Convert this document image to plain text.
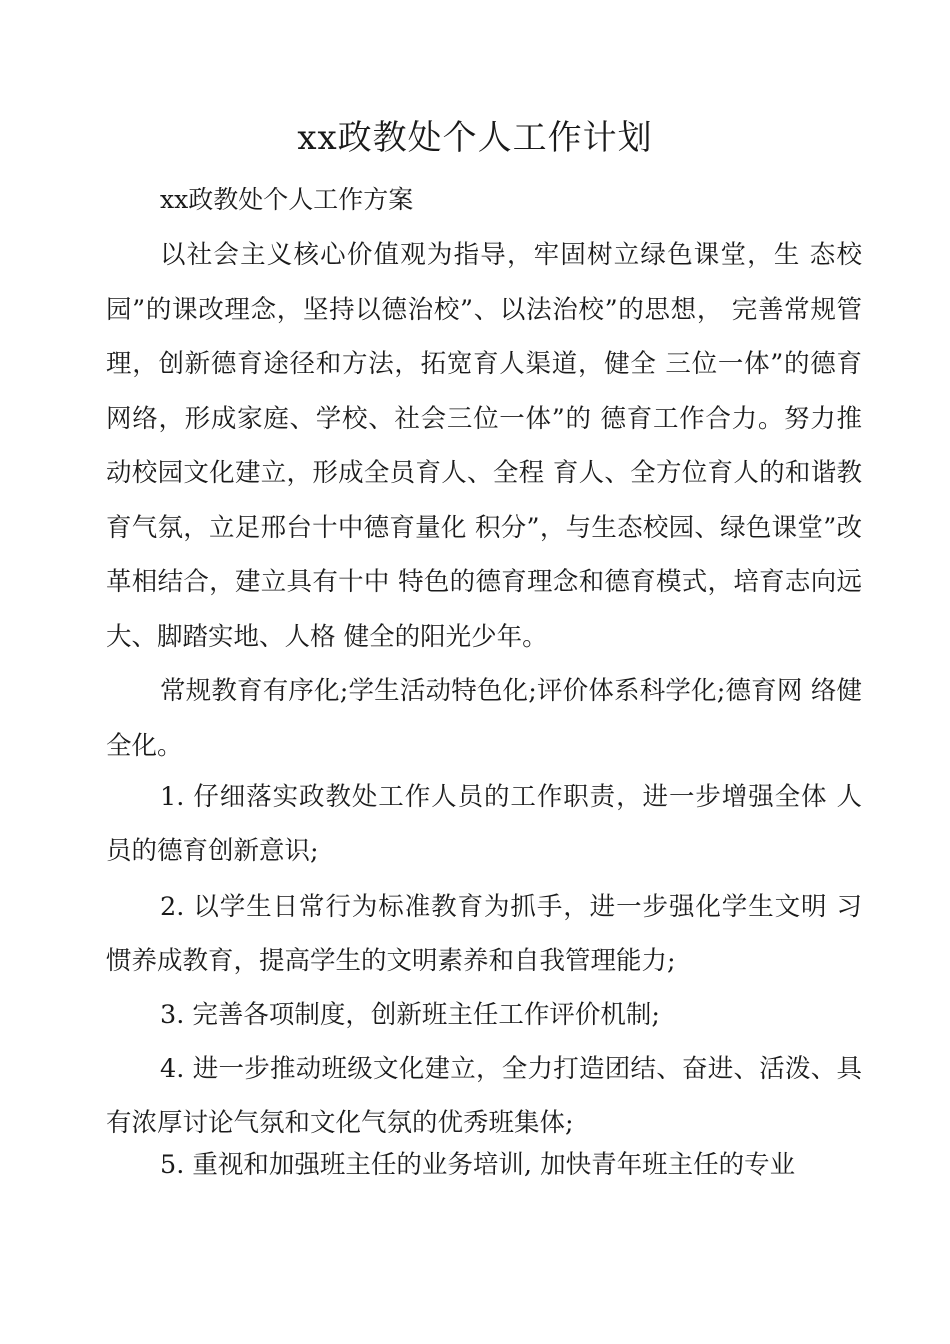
xx政教处个人工作计划
xx政教处个人工作方案
以社会主义核心价值观为指导，牢固树立绿色课堂，生 态校园”的课改理念，坚持以德治校”、以法治校”的思想， 完善常规管理，创新德育途径和方法，拓宽育人渠道，健全 三位一体”的德育网络，形成家庭、学校、社会三位一体”的 德育工作合力。努力推动校园文化建立，形成全员育人、全程 育人、全方位育人的和谐教育气氛，立足邢台十中德育量化 积分”，与生态校园、绿色课堂”改革相结合，建立具有十中 特色的德育理念和德育模式，培育志向远大、脚踏实地、人格 健全的阳光少年。
常规教育有序化;学生活动特色化;评价体系科学化;德育网 络健全化。
1. 仔细落实政教处工作人员的工作职责，进一步增强全体 人员的德育创新意识;
2. 以学生日常行为标准教育为抓手，进一步强化学生文明 习惯养成教育，提高学生的文明素养和自我管理能力;
3. 完善各项制度，创新班主任工作评价机制;
4. 进一步推动班级文化建立，全力打造团结、奋进、活泼、具有浓厚讨论气氛和文化气氛的优秀班集体;
5. 重视和加强班主任的业务培训, 加快青年班主任的专业
